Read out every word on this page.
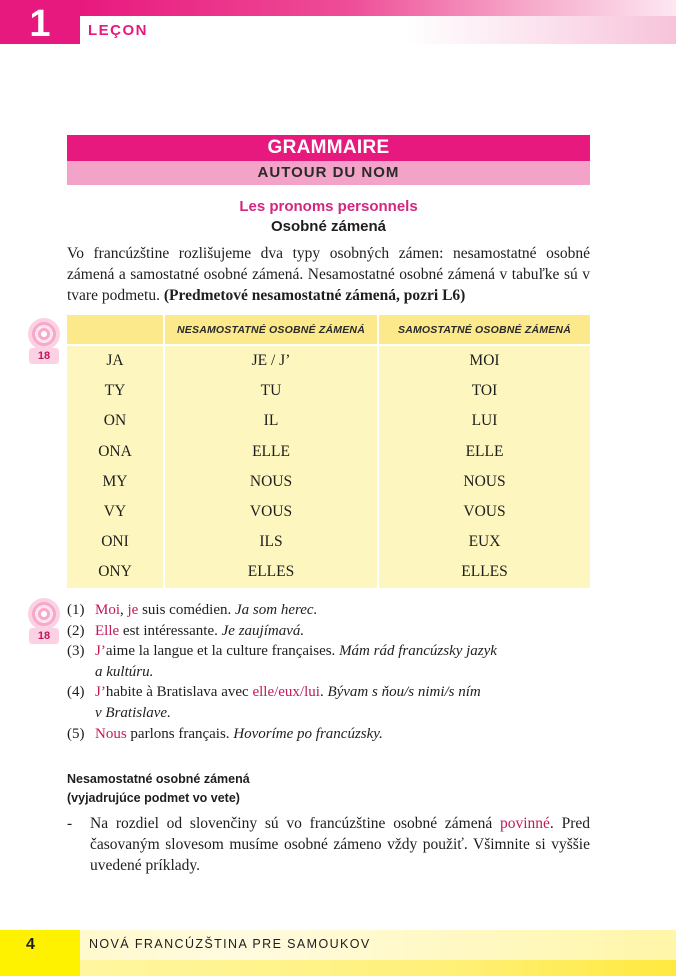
1	LEÇON
GRAMMAIRE
AUTOUR DU NOM
Les pronoms personnels
Osobné zámená
Vo francúzštine rozlišujeme dva typy osobných zámen: nesamostatné osobné zámená a samostatné osobné zámená. Nesamostatné osobné zámená v tabuľke sú v tvare podmetu. (Predmetové nesamostatné zámená, pozri L6)
18
18
	NESAMOSTATNÉ OSOBNÉ ZÁMENÁ	SAMOSTATNÉ OSOBNÉ ZÁMENÁ
JA	JE / J’	MOI
TY	TU	TOI
ON	IL	LUI
ONA	ELLE	ELLE
MY	NOUS	NOUS
VY	VOUS	VOUS
ONI	ILS	EUX
ONY	ELLES	ELLES
(1) Moi, je suis comédien. Ja som herec.
(2) Elle est intéressante. Je zaujímavá.
(3) J’aime la langue et la culture françaises. Mám rád francúzsky jazyk
a kultúru.
(4) J’habite à Bratislava avec elle/eux/lui. Bývam s ňou/s nimi/s ním
v Bratislave.
(5) Nous parlons français. Hovoríme po francúzsky.
Nesamostatné osobné zámená
(vyjadrujúce podmet vo vete)
-	Na rozdiel od slovenčiny sú vo francúzštine osobné zámená povinné. Pred časovaným slovesom musíme osobné zámeno vždy použiť. Všimnite si vyššie uvedené príklady.
4	NOVÁ FRANCÚZŠTINA PRE SAMOUKOV
